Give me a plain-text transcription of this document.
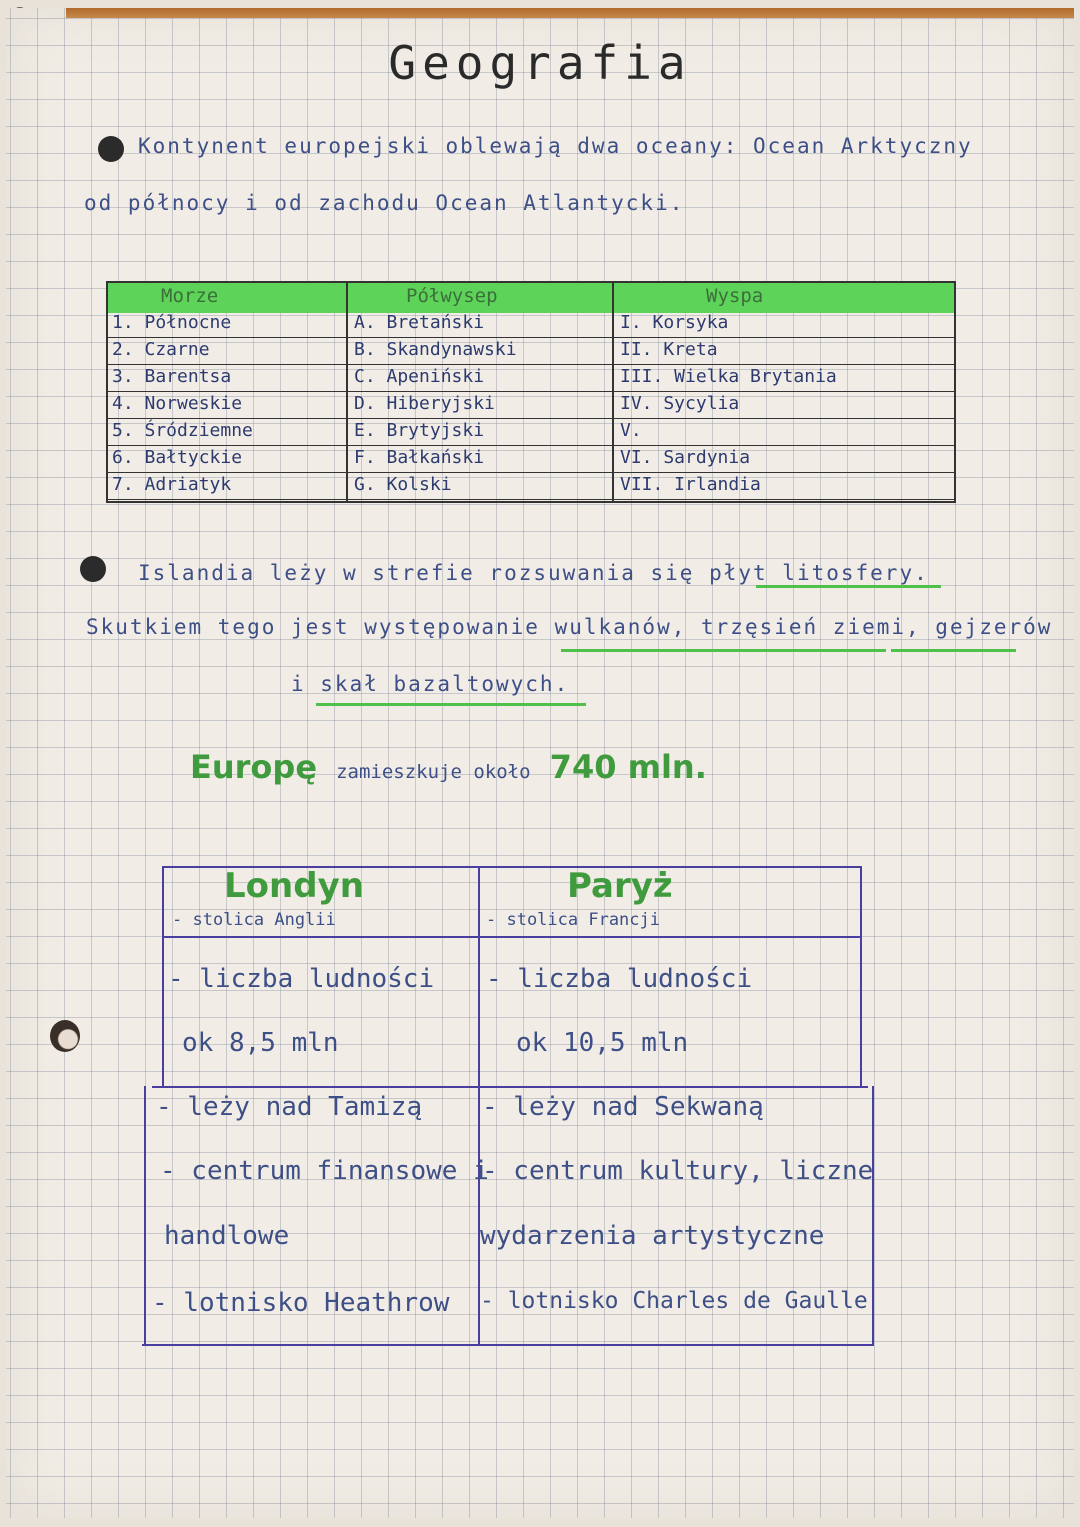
Geografia
Kontynent europejski oblewają dwa oceany: Ocean Arktyczny
od północy i od zachodu Ocean Atlantycki.
Morze	Półwysep	Wyspa
1. Północne	A. Bretański	I. Korsyka
2. Czarne	B. Skandynawski	II. Kreta
3. Barentsa	C. Apeniński	III. Wielka Brytania
4. Norweskie	D. Hiberyjski	IV. Sycylia
5. Śródziemne	E. Brytyjski	V.
6. Bałtyckie	F. Bałkański	VI. Sardynia
7. Adriatyk	G. Kolski	VII. Irlandia
Islandia leży w strefie rozsuwania się płyt litosfery.
Skutkiem tego jest występowanie wulkanów, trzęsień ziemi, gejzerów
i skał bazaltowych.
Europę zamieszkuje około 740 mln.
Londyn
- stolica Anglii
- liczba ludności
ok 8,5 mln
- leży nad Tamizą
- centrum finansowe i
handlowe
- lotnisko Heathrow
Paryż
- stolica Francji
- liczba ludności
ok 10,5 mln
- leży nad Sekwaną
- centrum kultury, liczne
wydarzenia artystyczne
- lotnisko Charles de Gaulle
